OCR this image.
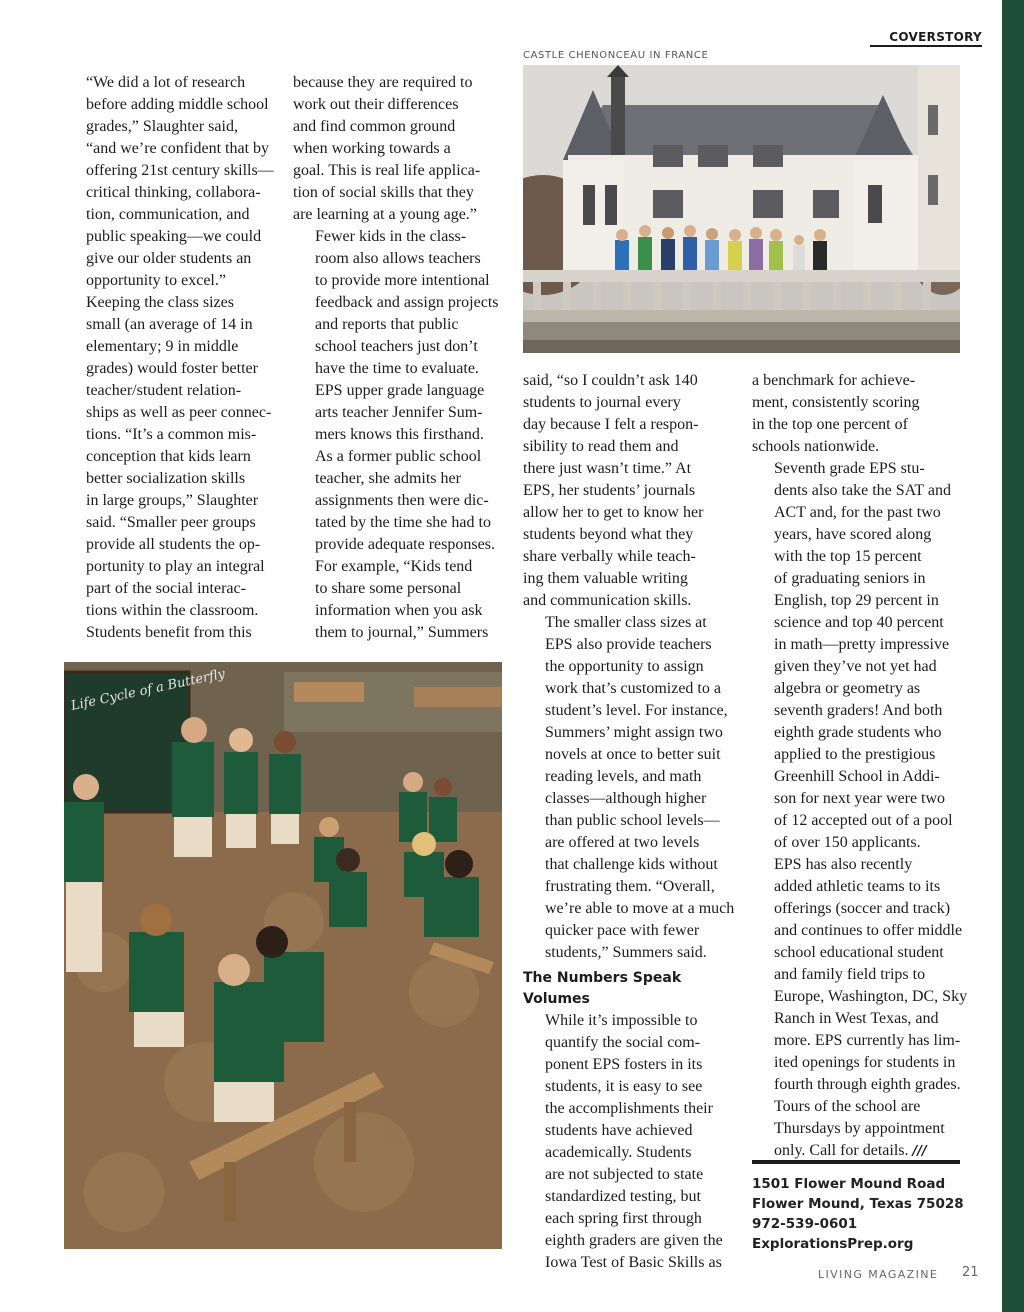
COVERSTORY
CASTLE CHENONCEAU IN FRANCE
Life Cycle of a Butterfly

“We did a lot of research
before adding middle school
grades,” Slaughter said,
“and we’re confident that by
offering 21st century skills—
critical thinking, collabora-
tion, communication, and
public speaking—we could
give our older students an
opportunity to excel.”

Keeping the class sizes
small (an average of 14 in
elementary; 9 in middle
grades) would foster better
teacher/student relation-
ships as well as peer connec-
tions. “It’s a common mis-
conception that kids learn
better socialization skills
in large groups,” Slaughter
said. “Smaller peer groups
provide all students the op-
portunity to play an integral
part of the social interac-
tions within the classroom.
Students benefit from this

because they are required to
work out their differences
and find common ground
when working towards a
goal. This is real life applica-
tion of social skills that they
are learning at a young age.”

Fewer kids in the class-
room also allows teachers
to provide more intentional
feedback and assign projects
and reports that public
school teachers just don’t
have the time to evaluate.
EPS upper grade language
arts teacher Jennifer Sum-
mers knows this firsthand.
As a former public school
teacher, she admits her
assignments then were dic-
tated by the time she had to
provide adequate responses.
For example, “Kids tend
to share some personal
information when you ask
them to journal,” Summers

said, “so I couldn’t ask 140
students to journal every
day because I felt a respon-
sibility to read them and
there just wasn’t time.” At
EPS, her students’ journals
allow her to get to know her
students beyond what they
share verbally while teach-
ing them valuable writing
and communication skills.

The smaller class sizes at
EPS also provide teachers
the opportunity to assign
work that’s customized to a
student’s level. For instance,
Summers’ might assign two
novels at once to better suit
reading levels, and math
classes—although higher
than public school levels—
are offered at two levels
that challenge kids without
frustrating them. “Overall,
we’re able to move at a much
quicker pace with fewer
students,” Summers said.

The Numbers Speak
Volumes

While it’s impossible to
quantify the social com-
ponent EPS fosters in its
students, it is easy to see
the accomplishments their
students have achieved
academically. Students
are not subjected to state
standardized testing, but
each spring first through
eighth graders are given the
Iowa Test of Basic Skills as

a benchmark for achieve-
ment, consistently scoring
in the top one percent of
schools nationwide.

Seventh grade EPS stu-
dents also take the SAT and
ACT and, for the past two
years, have scored along
with the top 15 percent
of graduating seniors in
English, top 29 percent in
science and top 40 percent
in math—pretty impressive
given they’ve not yet had
algebra or geometry as
seventh graders! And both
eighth grade students who
applied to the prestigious
Greenhill School in Addi-
son for next year were two
of 12 accepted out of a pool
of over 150 applicants.

EPS has also recently
added athletic teams to its
offerings (soccer and track)
and continues to offer middle
school educational student
and family field trips to
Europe, Washington, DC, Sky
Ranch in West Texas, and
more. EPS currently has lim-
ited openings for students in
fourth through eighth grades.
Tours of the school are
Thursdays by appointment
only. Call for details. ///

1501 Flower Mound Road
Flower Mound, Texas 75028
972-539-0601
ExplorationsPrep.org
LIVING MAGAZINE 21
